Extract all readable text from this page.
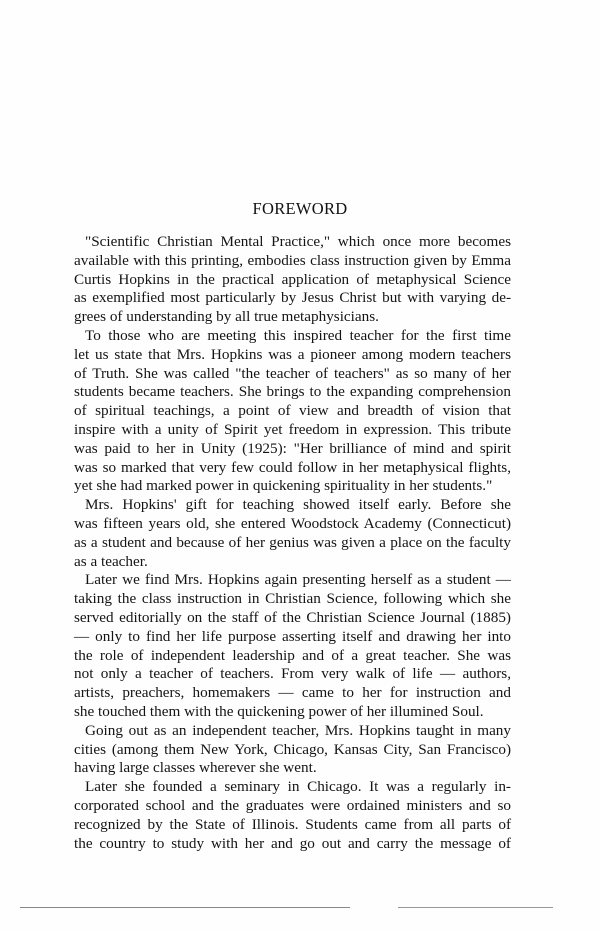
FOREWORD
"Scientific Christian Mental Practice," which once more becomes
available with this printing, embodies class instruction given by Emma
Curtis Hopkins in the practical application of metaphysical Science
as exemplified most particularly by Jesus Christ but with varying de-
grees of understanding by all true metaphysicians.
To those who are meeting this inspired teacher for the first time
let us state that Mrs. Hopkins was a pioneer among modern teachers
of Truth. She was called "the teacher of teachers" as so many of her
students became teachers. She brings to the expanding comprehension
of spiritual teachings, a point of view and breadth of vision that
inspire with a unity of Spirit yet freedom in expression. This tribute
was paid to her in Unity (1925): "Her brilliance of mind and spirit
was so marked that very few could follow in her metaphysical flights,
yet she had marked power in quickening spirituality in her students."
Mrs. Hopkins' gift for teaching showed itself early. Before she
was fifteen years old, she entered Woodstock Academy (Connecticut)
as a student and because of her genius was given a place on the faculty
as a teacher.
Later we find Mrs. Hopkins again presenting herself as a student —
taking the class instruction in Christian Science, following which she
served editorially on the staff of the Christian Science Journal (1885)
— only to find her life purpose asserting itself and drawing her into
the role of independent leadership and of a great teacher. She was
not only a teacher of teachers. From very walk of life — authors,
artists, preachers, homemakers — came to her for instruction and
she touched them with the quickening power of her illumined Soul.
Going out as an independent teacher, Mrs. Hopkins taught in many
cities (among them New York, Chicago, Kansas City, San Francisco)
having large classes wherever she went.
Later she founded a seminary in Chicago. It was a regularly in-
corporated school and the graduates were ordained ministers and so
recognized by the State of Illinois. Students came from all parts of
the country to study with her and go out and carry the message of
